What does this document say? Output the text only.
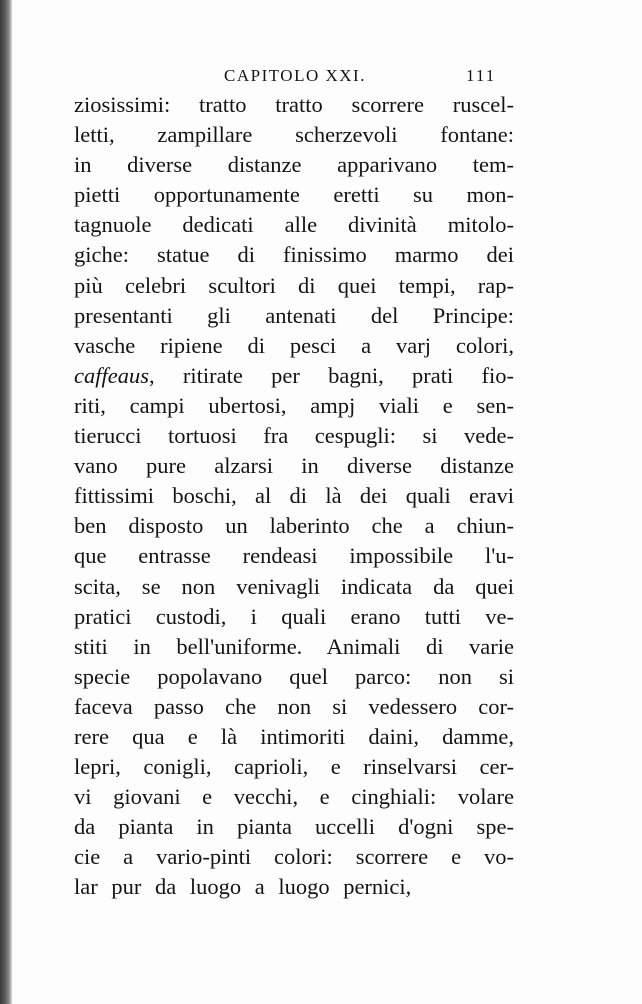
CAPITOLO XXI.	111
ziosissimi: tratto tratto scorrere ruscel-
letti, zampillare scherzevoli fontane:
in diverse distanze apparivano tem-
pietti opportunamente eretti su mon-
tagnuole dedicati alle divinità mitolo-
giche: statue di finissimo marmo dei
più celebri scultori di quei tempi, rap-
presentanti gli antenati del Principe:
vasche ripiene di pesci a varj colori,
caffeaus, ritirate per bagni, prati fio-
riti, campi ubertosi, ampj viali e sen-
tierucci tortuosi fra cespugli: si vede-
vano pure alzarsi in diverse distanze
fittissimi boschi, al di là dei quali eravi
ben disposto un laberinto che a chiun-
que entrasse rendeasi impossibile l'u-
scita, se non venivagli indicata da quei
pratici custodi, i quali erano tutti ve-
stiti in bell'uniforme. Animali di varie
specie popolavano quel parco: non si
faceva passo che non si vedessero cor-
rere qua e là intimoriti daini, damme,
lepri, conigli, caprioli, e rinselvarsi cer-
vi giovani e vecchi, e cinghiali: volare
da pianta in pianta uccelli d'ogni spe-
cie a vario-pinti colori: scorrere e vo-
lar pur da luogo a luogo pernici,
